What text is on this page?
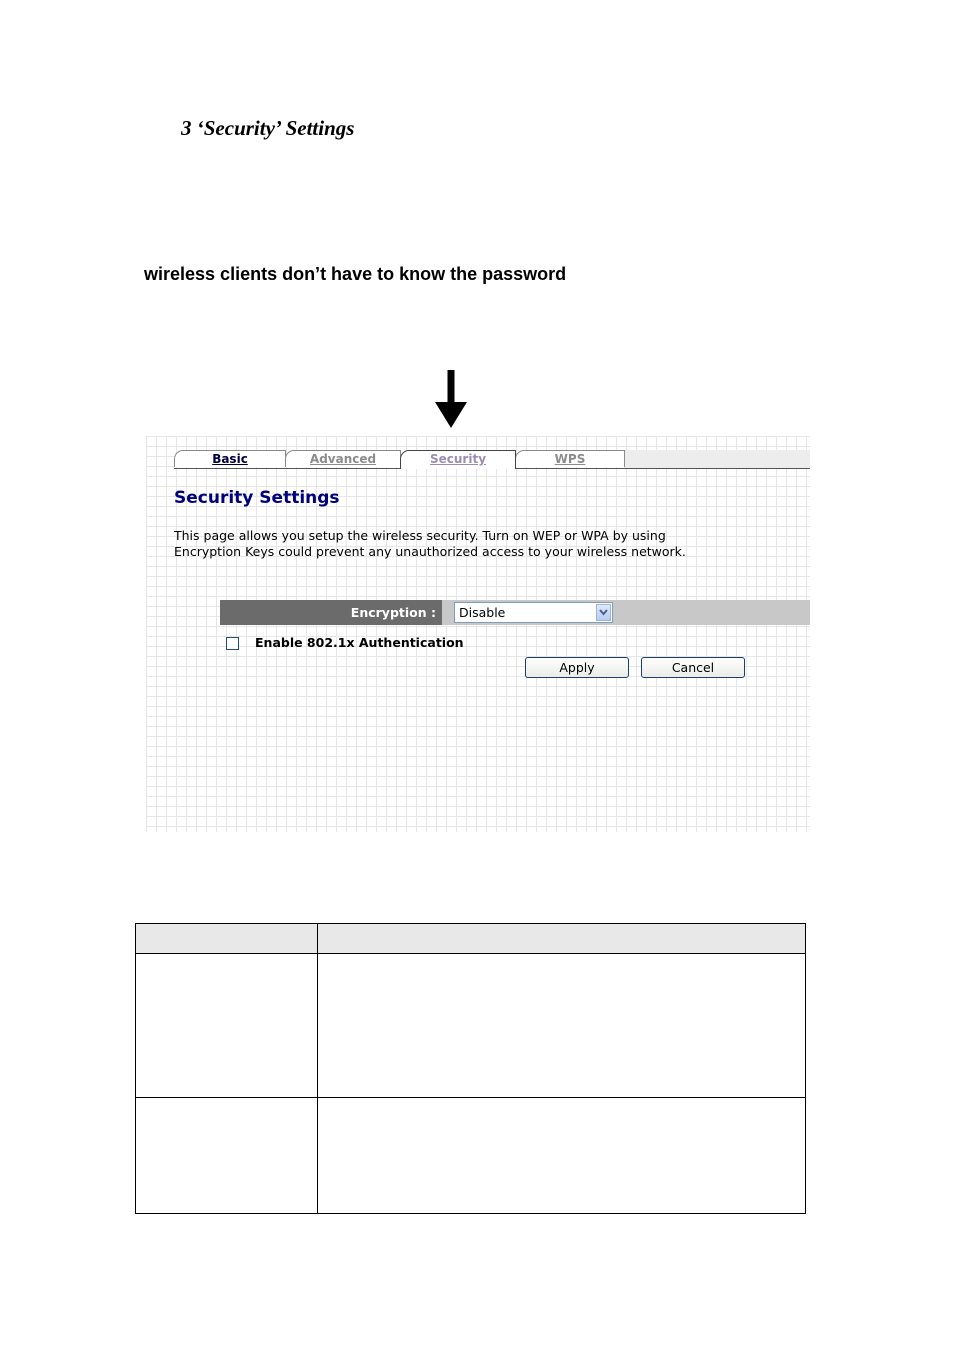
3 ‘Security’ Settings
wireless clients don’t have to know the password
Basic	Advanced	WPS
Security
Security Settings
This page allows you setup the wireless security. Turn on WEP or WPA by using Encryption Keys could prevent any unauthorized access to your wireless network.
Encryption :	Disable
Enable 802.1x Authentication
Apply	Cancel
